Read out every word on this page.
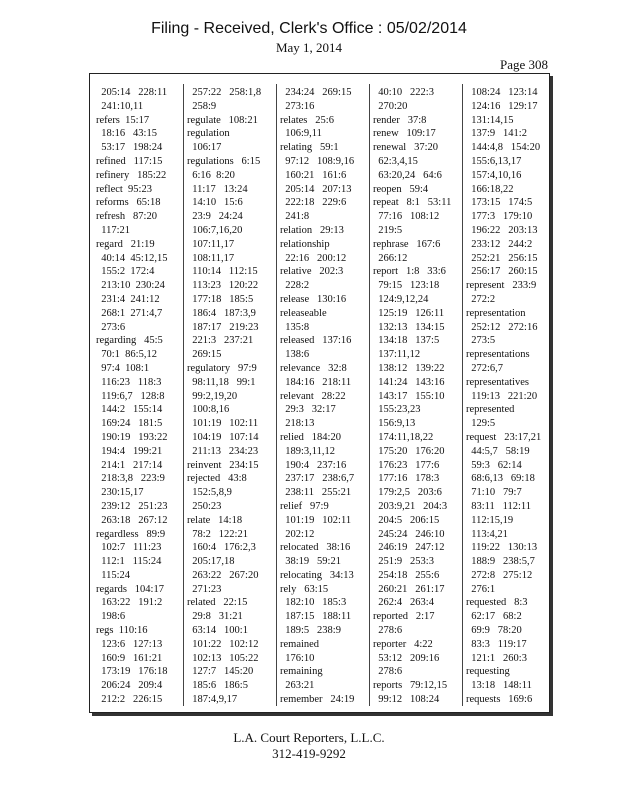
Filing - Received, Clerk's Office : 05/02/2014
May 1, 2014
Page 308
205:14   228:11
241:10,11
refers  15:17
18:16   43:15
53:17   198:24
refined   117:15
refinery   185:22
reflect  95:23
reforms   65:18
refresh   87:20
117:21
regard   21:19
40:14  45:12,15
155:2  172:4
213:10  230:24
231:4  241:12
268:1  271:4,7
273:6
regarding   45:5
70:1  86:5,12
97:4  108:1
116:23   118:3
119:6,7   128:8
144:2   155:14
169:24   181:5
190:19   193:22
194:4   199:21
214:1   217:14
218:3,8   223:9
230:15,17
239:12   251:23
263:18   267:12
regardless   89:9
102:7   111:23
112:1   115:24
115:24
regards   104:17
163:22   191:2
198:6
regs  110:16
123:6   127:13
160:9   161:21
173:19   176:18
206:24   209:4
212:2   226:15
257:22   258:1,8
258:9
regulate   108:21
regulation
106:17
regulations   6:15
6:16  8:20
11:17   13:24
14:10   15:6
23:9   24:24
106:7,16,20
107:11,17
108:11,17
110:14   112:15
113:23   120:22
177:18   185:5
186:4   187:3,9
187:17   219:23
221:3   237:21
269:15
regulatory   97:9
98:11,18   99:1
99:2,19,20
100:8,16
101:19   102:11
104:19   107:14
211:13   234:23
reinvent   234:15
rejected   43:8
152:5,8,9
250:23
relate   14:18
78:2   122:21
160:4   176:2,3
205:17,18
263:22   267:20
271:23
related   22:15
29:8   31:21
63:14   100:1
101:22   102:12
102:13   105:22
127:7   145:20
185:6   186:5
187:4,9,17
234:24   269:15
273:16
relates   25:6
106:9,11
relating   59:1
97:12   108:9,16
160:21   161:6
205:14   207:13
222:18   229:6
241:8
relation   29:13
relationship
22:16   200:12
relative   202:3
228:2
release   130:16
releaseable
135:8
released   137:16
138:6
relevance   32:8
184:16   218:11
relevant   28:22
29:3   32:17
218:13
relied   184:20
189:3,11,12
190:4   237:16
237:17   238:6,7
238:11   255:21
relief   97:9
101:19   102:11
202:12
relocated   38:16
38:19   59:21
relocating   34:13
rely   63:15
182:10   185:3
187:15   188:11
189:5   238:9
remained
176:10
remaining
263:21
remember   24:19
40:10   222:3
270:20
render   37:8
renew   109:17
renewal   37:20
62:3,4,15
63:20,24   64:6
reopen   59:4
repeat   8:1   53:11
77:16   108:12
219:5
rephrase   167:6
266:12
report   1:8   33:6
79:15   123:18
124:9,12,24
125:19   126:11
132:13   134:15
134:18   137:5
137:11,12
138:12   139:22
141:24   143:16
143:17   155:10
155:23,23
156:9,13
174:11,18,22
175:20   176:20
176:23   177:6
177:16   178:3
179:2,5   203:6
203:9,21   204:3
204:5   206:15
245:24   246:10
246:19   247:12
251:9   253:3
254:18   255:6
260:21   261:17
262:4   263:4
reported   2:17
278:6
reporter   4:22
53:12   209:16
278:6
reports   79:12,15
99:12   108:24
108:24   123:14
124:16   129:17
131:14,15
137:9   141:2
144:4,8   154:20
155:6,13,17
157:4,10,16
166:18,22
173:15   174:5
177:3   179:10
196:22   203:13
233:12   244:2
252:21   256:15
256:17   260:15
represent   233:9
272:2
representation
252:12   272:16
273:5
representations
272:6,7
representatives
119:13   221:20
represented
129:5
request   23:17,21
44:5,7   58:19
59:3   62:14
68:6,13   69:18
71:10   79:7
83:11   112:11
112:15,19
113:4,21
119:22   130:13
188:9   238:5,7
272:8   275:12
276:1
requested   8:3
62:17   68:2
69:9   78:20
83:3   119:17
121:1   260:3
requesting
13:18   148:11
requests   169:6
L.A. Court Reporters, L.L.C.
312-419-9292
